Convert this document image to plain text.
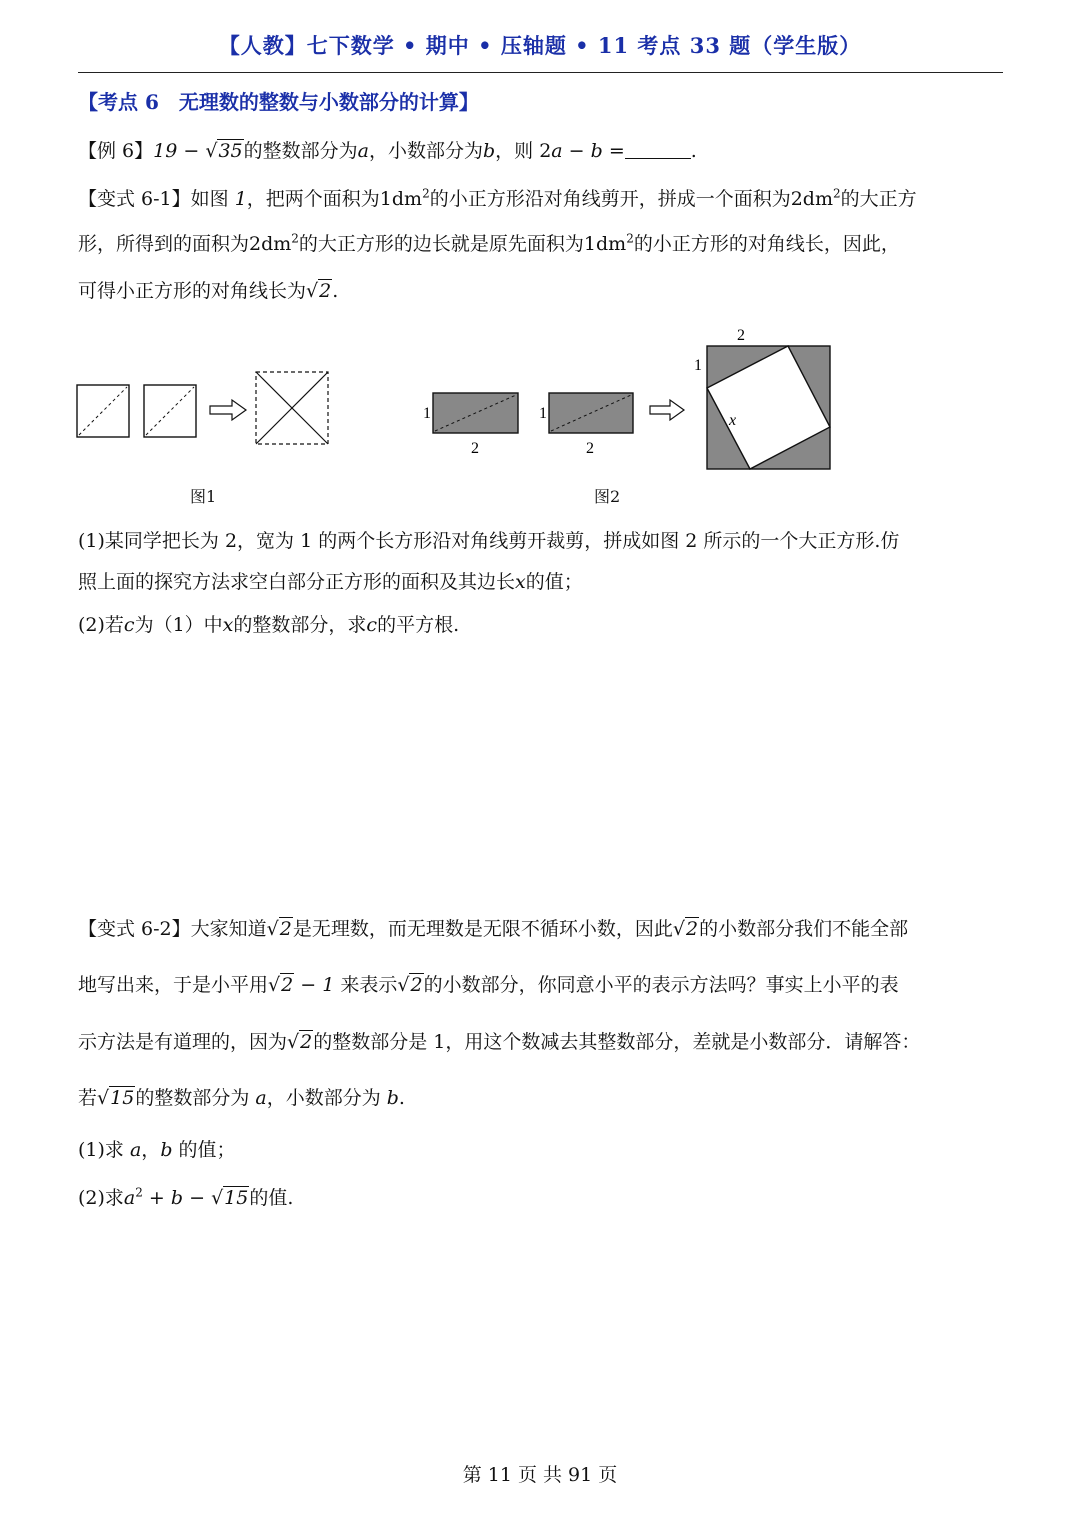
【人教】七下数学 • 期中 • 压轴题 • 11 考点 33 题（学生版）
【考点 6　无理数的整数与小数部分的计算】
【例 6】19 − √35的整数部分为a，小数部分为b，则 2a − b =	.
【变式 6-1】如图 1，把两个面积为$1dm^2$的小正方形沿对角线剪开，拼成一个面积为$2dm^2$的大正方
形，所得到的面积为$2dm^2$的大正方形的边长就是原先面积为$1dm^2$的小正方形的对角线长，因此，
可得小正方形的对角线长为√2.
1
2
1
2
2
1
x
图1	图2
(1)某同学把长为 2，宽为 1 的两个长方形沿对角线剪开裁剪，拼成如图 2 所示的一个大正方形.仿
照上面的探究方法求空白部分正方形的面积及其边长x的值；
(2)若c为（1）中x的整数部分，求c的平方根.
【变式 6-2】大家知道√2是无理数，而无理数是无限不循环小数，因此√2的小数部分我们不能全部
地写出来，于是小平用√2 − 1 来表示√2的小数部分，你同意小平的表示方法吗？事实上小平的表
示方法是有道理的，因为√2的整数部分是 1，用这个数减去其整数部分，差就是小数部分．请解答：
若√15的整数部分为 a，小数部分为 b.
(1)求 a，b 的值；
(2)求$a^2 + b - √15$的值.
第 11 页 共 91 页
